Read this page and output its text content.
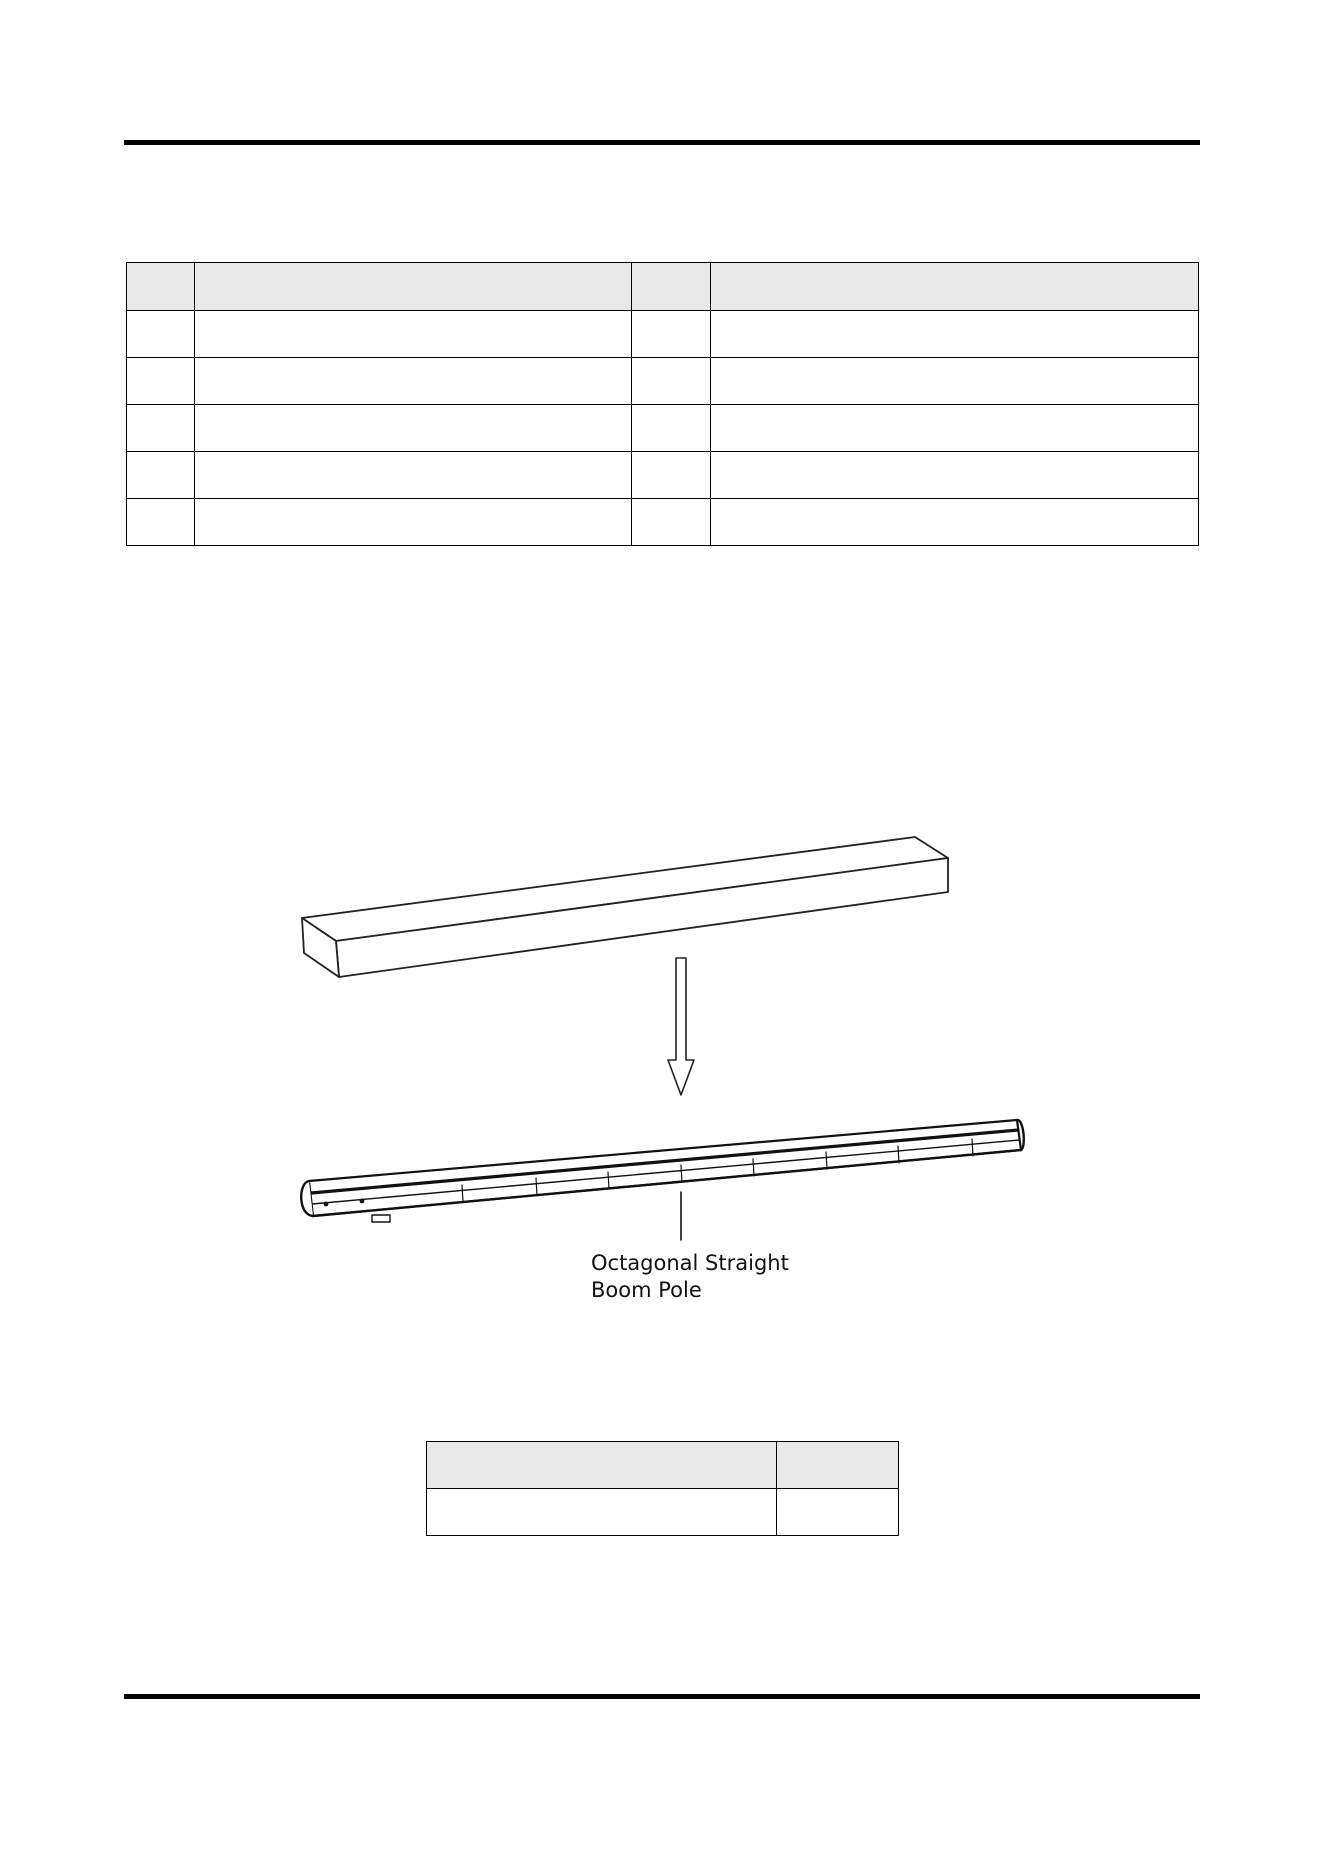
Octagonal Straight
Boom Pole
